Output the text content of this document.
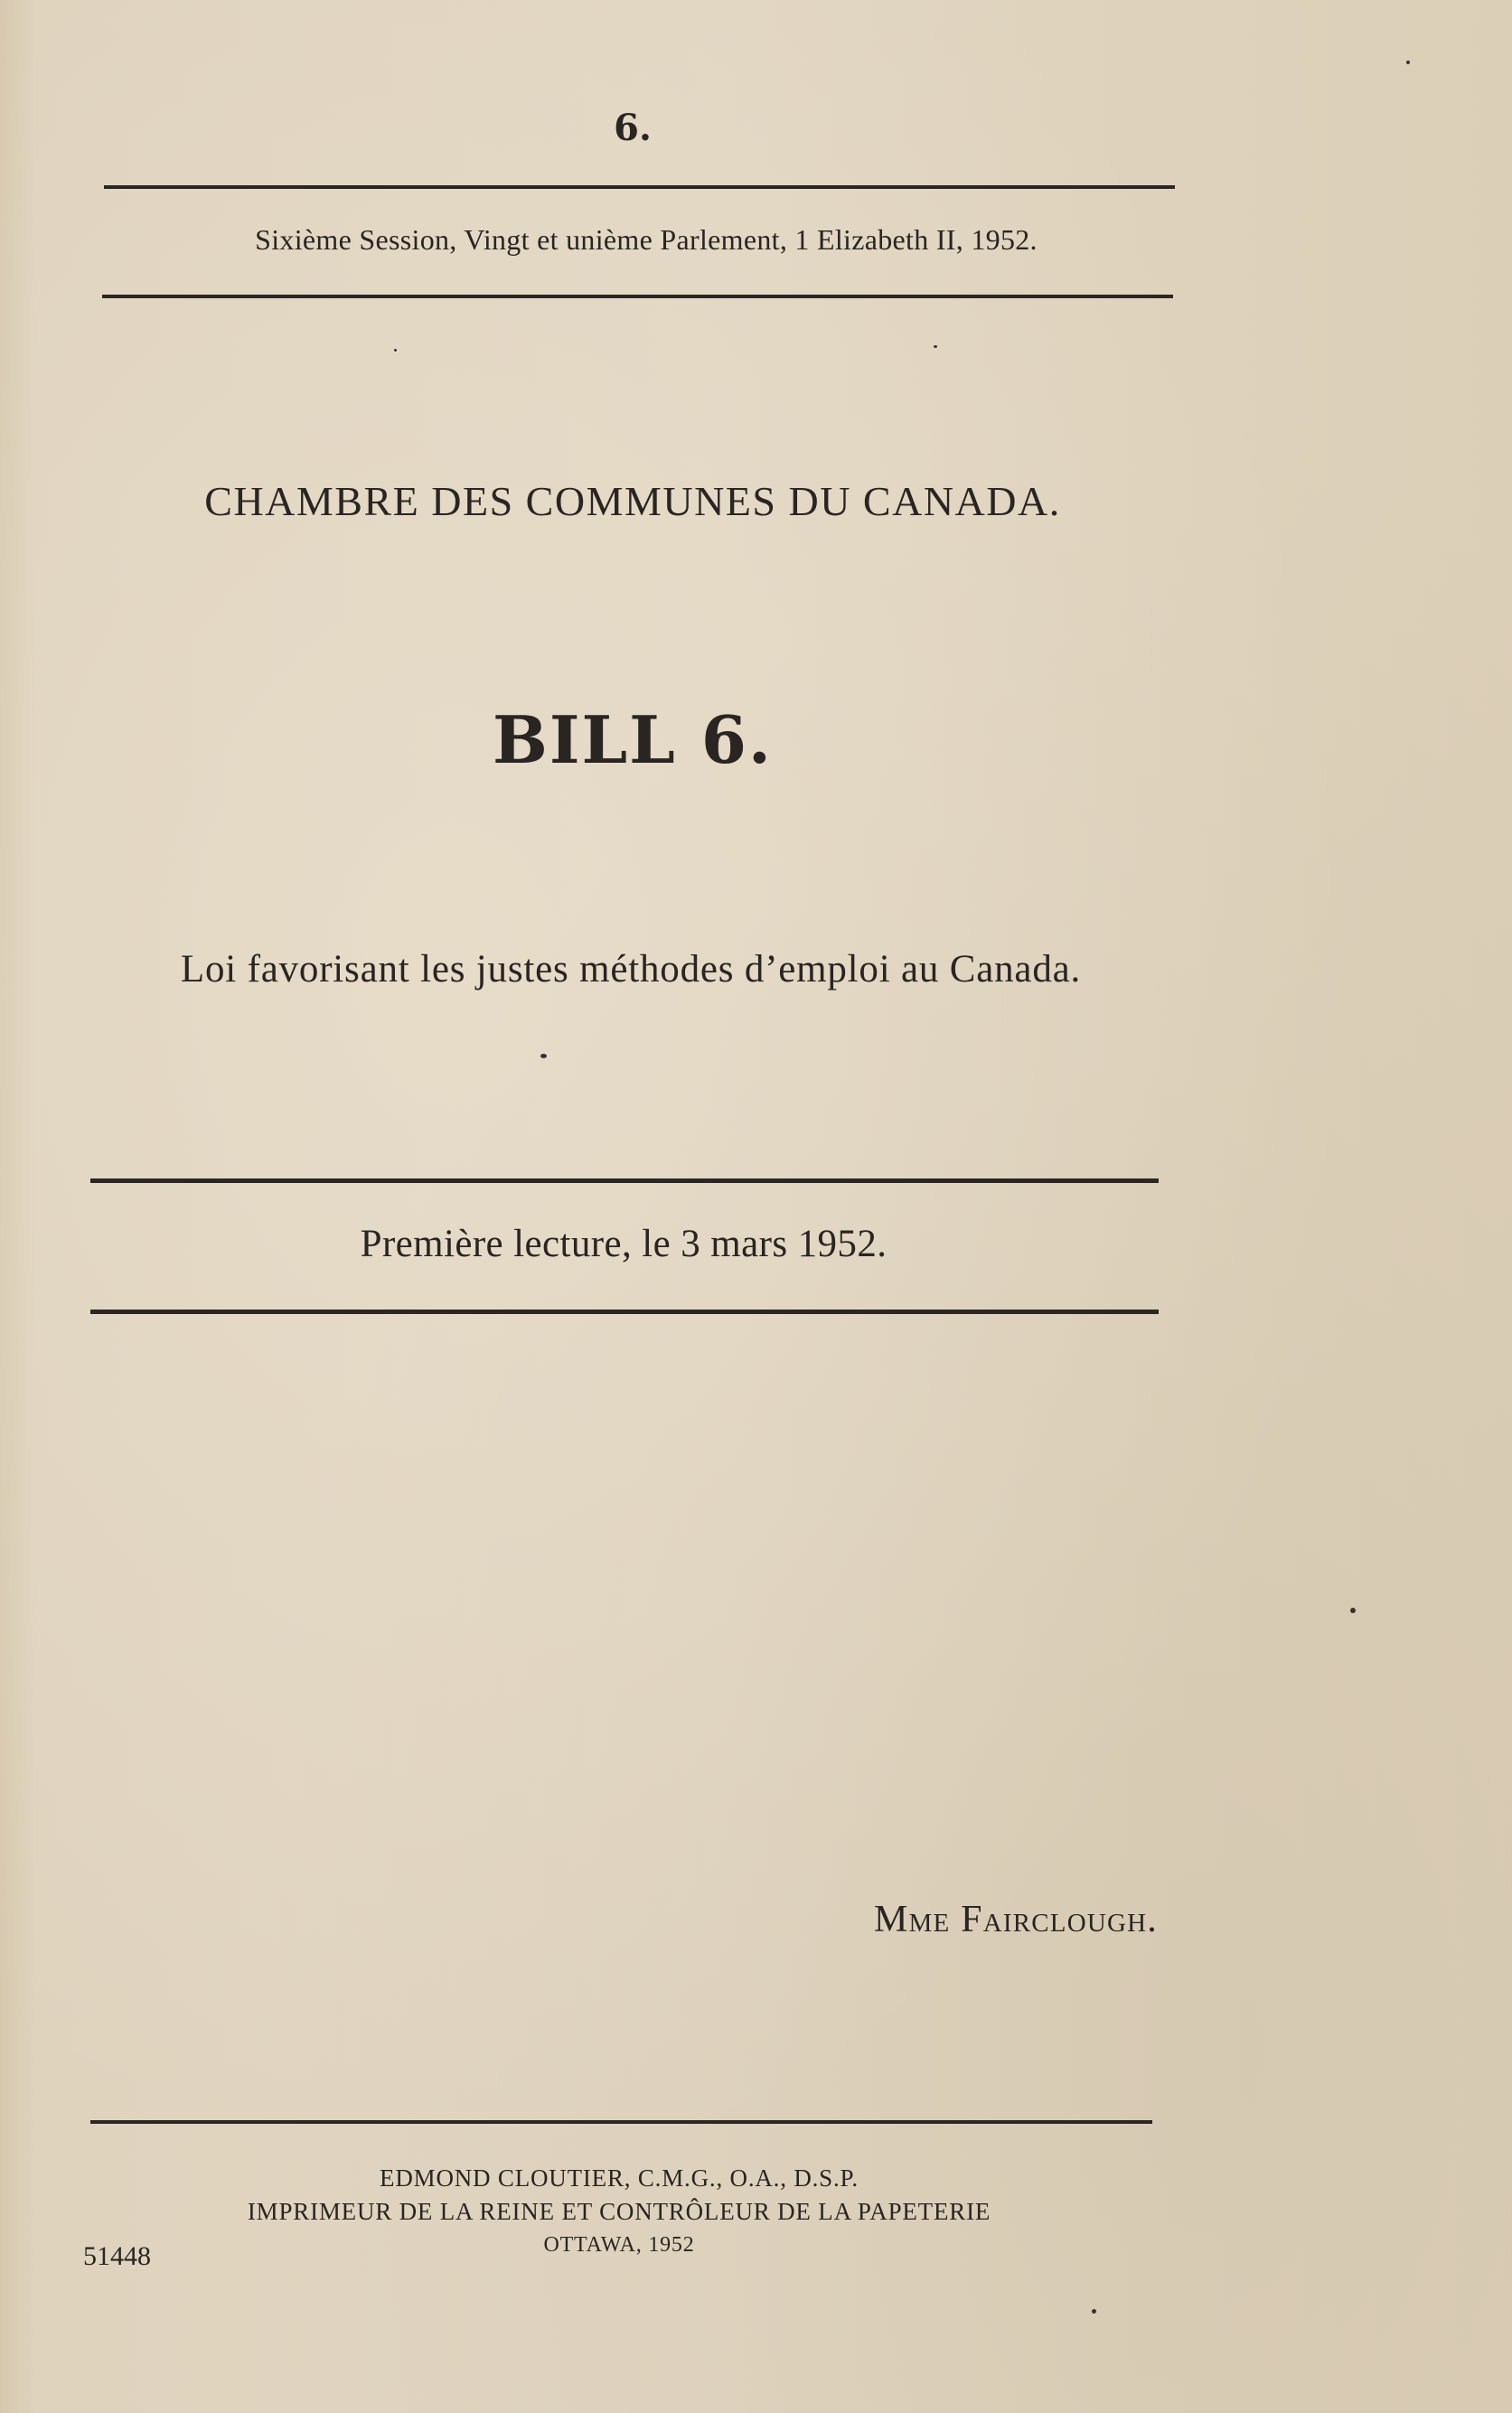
6.
Sixième Session, Vingt et unième Parlement, 1 Elizabeth II, 1952.
CHAMBRE DES COMMUNES DU CANADA.
BILL 6.
Loi favorisant les justes méthodes d’emploi au Canada.
Première lecture, le 3 mars 1952.
Mme Fairclough.
EDMOND CLOUTIER, C.M.G., O.A., D.S.P.
IMPRIMEUR DE LA REINE ET CONTRÔLEUR DE LA PAPETERIE
OTTAWA, 1952
51448
